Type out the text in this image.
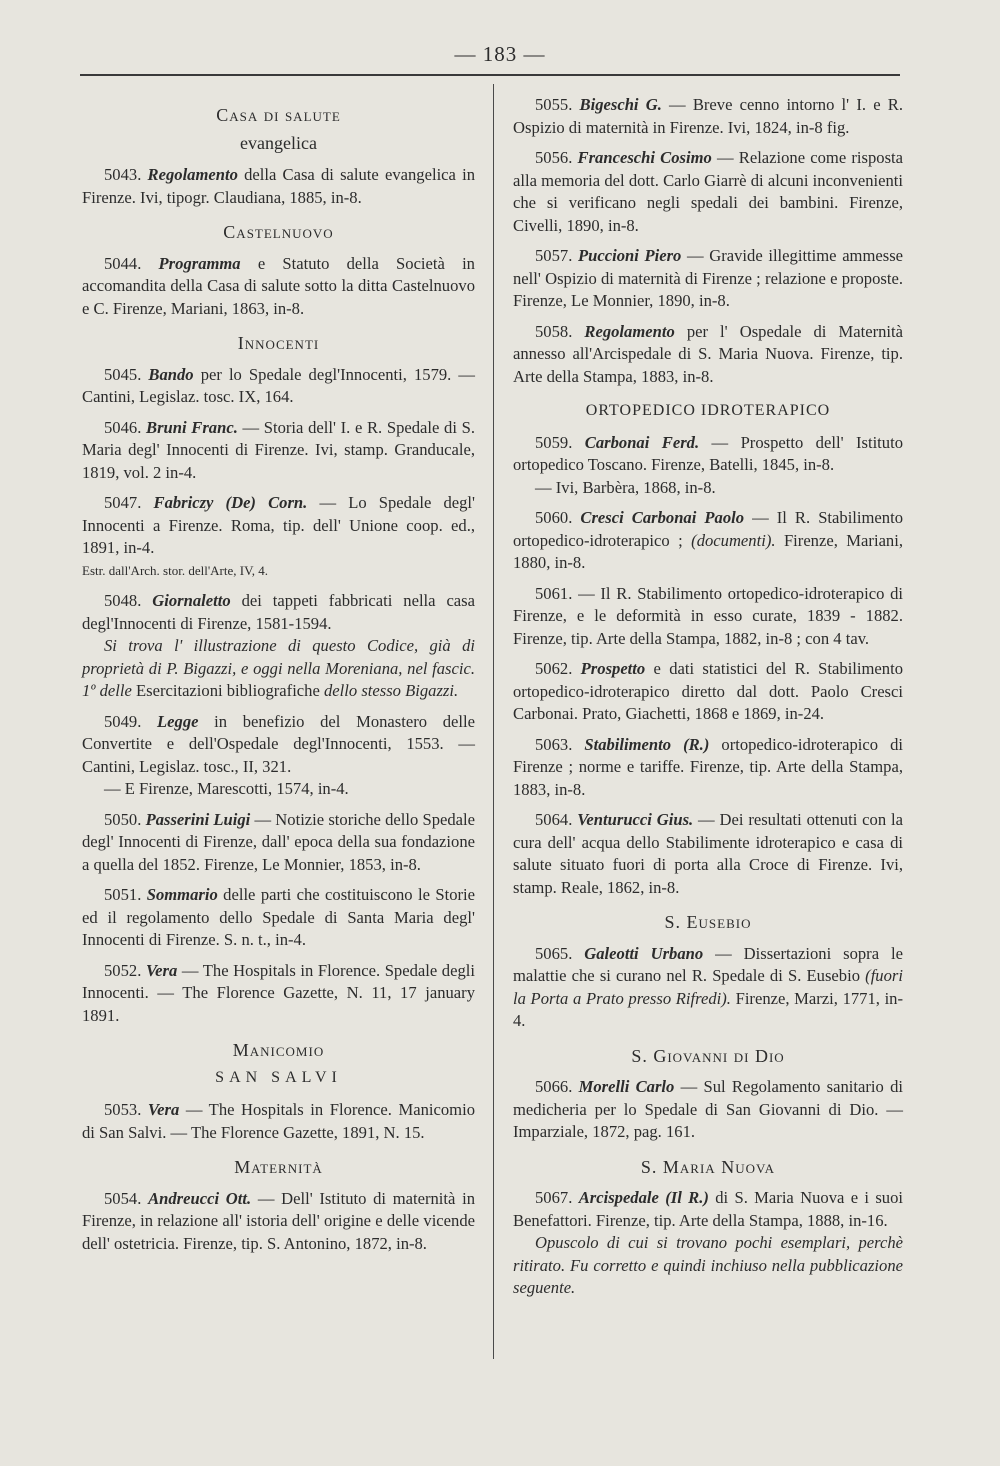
— 183 —
Casa di salute
evangelica

5043. Regolamento della Casa di salute evangelica in Firenze. Ivi, tipogr. Claudiana, 1885, in-8.

Castelnuovo

5044. Programma e Statuto della Società in accomandita della Casa di salute sotto la ditta Castelnuovo e C. Firenze, Mariani, 1863, in-8.

Innocenti

5045. Bando per lo Spedale degl'Innocenti, 1579. — Cantini, Legislaz. tosc. IX, 164.

5046. Bruni Franc. — Storia dell' I. e R. Spedale di S. Maria degl' Innocenti di Firenze. Ivi, stamp. Granducale, 1819, vol. 2 in-4.

5047. Fabriczy (De) Corn. — Lo Spedale degl' Innocenti a Firenze. Roma, tip. dell' Unione coop. ed., 1891, in-4.

Estr. dall'Arch. stor. dell'Arte, IV, 4.

5048. Giornaletto dei tappeti fabbricati nella casa degl'Innocenti di Firenze, 1581-1594.

Si trova l' illustrazione di questo Codice, già di proprietà di P. Bigazzi, e oggi nella Moreniana, nel fascic. 1º delle Esercitazioni bibliografiche dello stesso Bigazzi.

5049. Legge in benefizio del Monastero delle Convertite e dell'Ospedale degl'Innocenti, 1553. — Cantini, Legislaz. tosc., II, 321.

— E Firenze, Marescotti, 1574, in-4.

5050. Passerini Luigi — Notizie storiche dello Spedale degl' Innocenti di Firenze, dall' epoca della sua fondazione a quella del 1852. Firenze, Le Monnier, 1853, in-8.

5051. Sommario delle parti che costituiscono le Storie ed il regolamento dello Spedale di Santa Maria degl' Innocenti di Firenze. S. n. t., in-4.

5052. Vera — The Hospitals in Florence. Spedale degli Innocenti. — The Florence Gazette, N. 11, 17 january 1891.

Manicomio
SAN SALVI

5053. Vera — The Hospitals in Florence. Manicomio di San Salvi. — The Florence Gazette, 1891, N. 15.

Maternità

5054. Andreucci Ott. — Dell' Istituto di maternità in Firenze, in relazione all' istoria dell' origine e delle vicende dell' ostetricia. Firenze, tip. S. Antonino, 1872, in-8.

5055. Bigeschi G. — Breve cenno intorno l' I. e R. Ospizio di maternità in Firenze. Ivi, 1824, in-8 fig.

5056. Franceschi Cosimo — Relazione come risposta alla memoria del dott. Carlo Giarrè di alcuni inconvenienti che si verificano negli spedali dei bambini. Firenze, Civelli, 1890, in-8.

5057. Puccioni Piero — Gravide illegittime ammesse nell' Ospizio di maternità di Firenze ; relazione e proposte. Firenze, Le Monnier, 1890, in-8.

5058. Regolamento per l' Ospedale di Maternità annesso all'Arcispedale di S. Maria Nuova. Firenze, tip. Arte della Stampa, 1883, in-8.

ORTOPEDICO IDROTERAPICO

5059. Carbonai Ferd. — Prospetto dell' Istituto ortopedico Toscano. Firenze, Batelli, 1845, in-8.

— Ivi, Barbèra, 1868, in-8.

5060. Cresci Carbonai Paolo — Il R. Stabilimento ortopedico-idroterapico ; (documenti). Firenze, Mariani, 1880, in-8.

5061. — Il R. Stabilimento ortopedico-idroterapico di Firenze, e le deformità in esso curate, 1839 - 1882. Firenze, tip. Arte della Stampa, 1882, in-8 ; con 4 tav.

5062. Prospetto e dati statistici del R. Stabilimento ortopedico-idroterapico diretto dal dott. Paolo Cresci Carbonai. Prato, Giachetti, 1868 e 1869, in-24.

5063. Stabilimento (R.) ortopedico-idroterapico di Firenze ; norme e tariffe. Firenze, tip. Arte della Stampa, 1883, in-8.

5064. Venturucci Gius. — Dei resultati ottenuti con la cura dell' acqua dello Stabilimente idroterapico e casa di salute situato fuori di porta alla Croce di Firenze. Ivi, stamp. Reale, 1862, in-8.

S. Eusebio

5065. Galeotti Urbano — Dissertazioni sopra le malattie che si curano nel R. Spedale di S. Eusebio (fuori la Porta a Prato presso Rifredi). Firenze, Marzi, 1771, in-4.

S. Giovanni di Dio

5066. Morelli Carlo — Sul Regolamento sanitario di medicheria per lo Spedale di San Giovanni di Dio. — Imparziale, 1872, pag. 161.

S. Maria Nuova

5067. Arcispedale (Il R.) di S. Maria Nuova e i suoi Benefattori. Firenze, tip. Arte della Stampa, 1888, in-16.

Opuscolo di cui si trovano pochi esemplari, perchè ritirato. Fu corretto e quindi inchiuso nella pubblicazione seguente.
